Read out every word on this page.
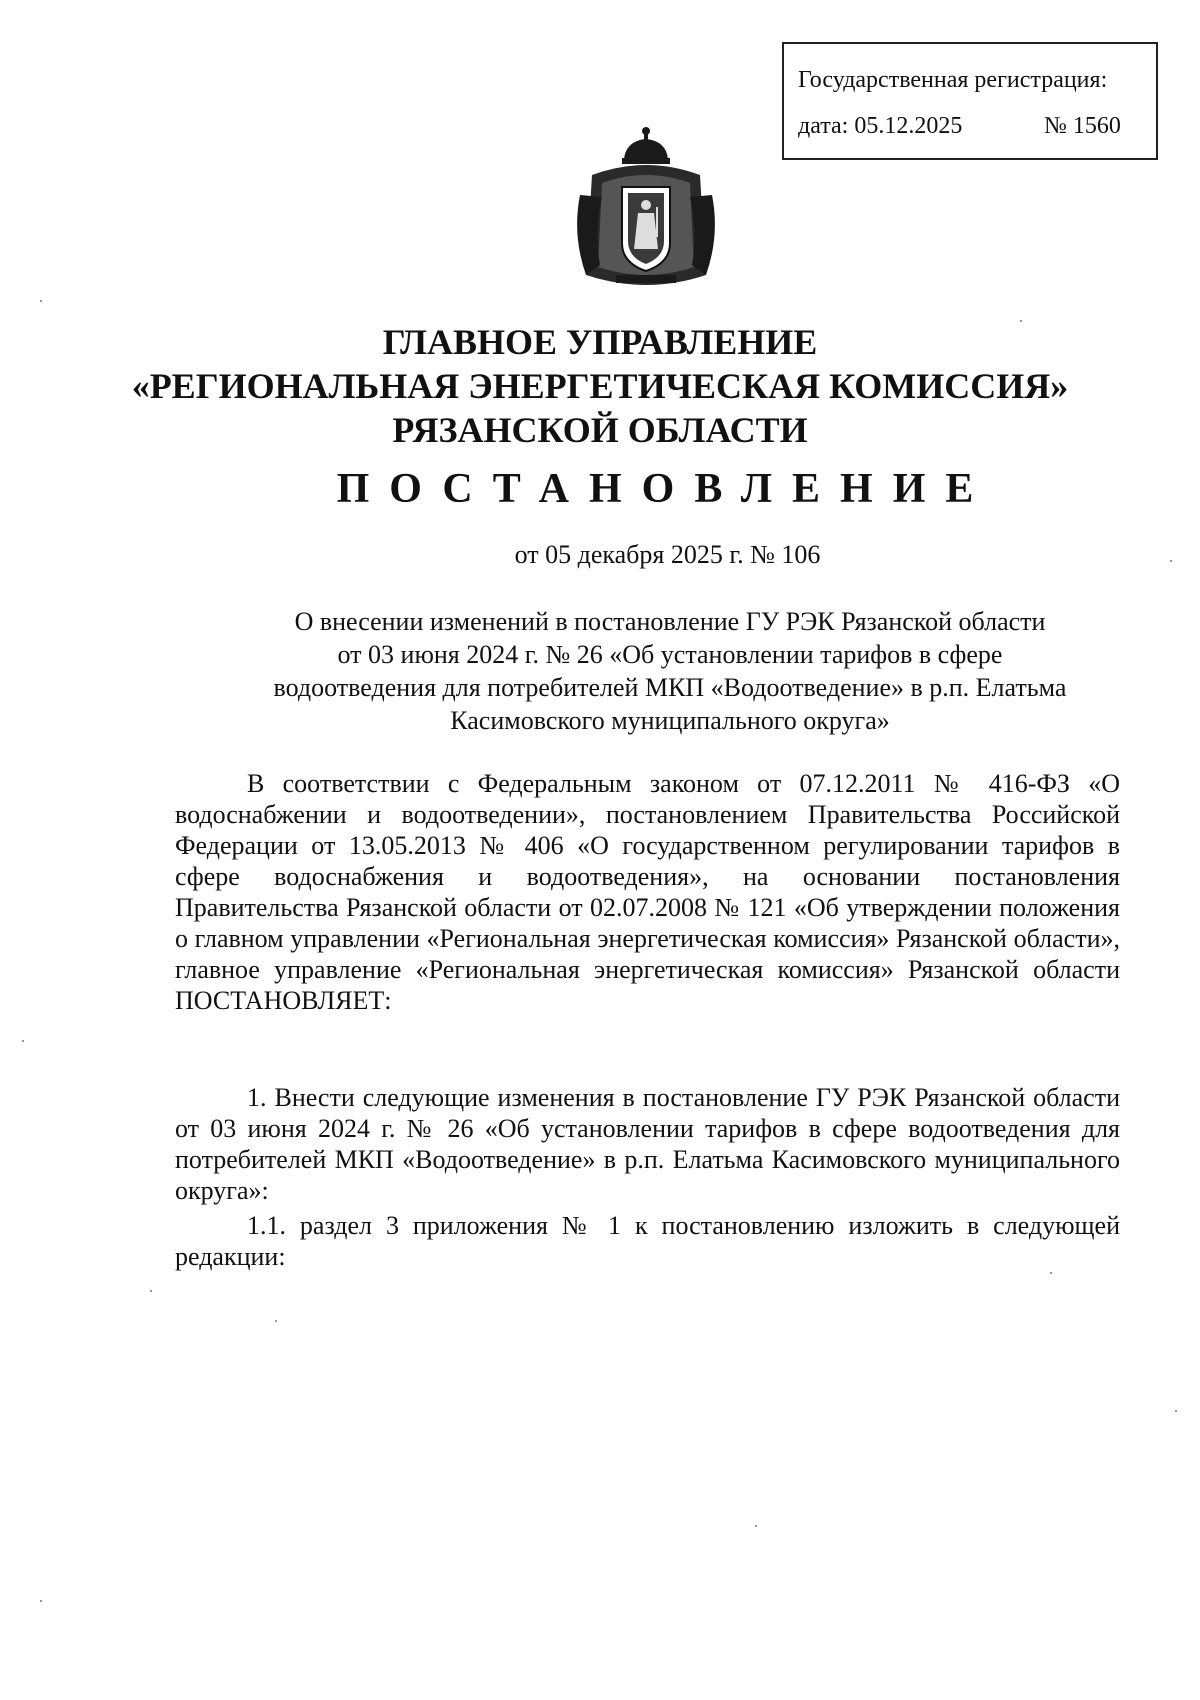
Государственная регистрация:
дата: 05.12.2025	№ 1560
ГЛАВНОЕ УПРАВЛЕНИЕ
«РЕГИОНАЛЬНАЯ ЭНЕРГЕТИЧЕСКАЯ КОМИССИЯ»
РЯЗАНСКОЙ ОБЛАСТИ
ПОСТАНОВЛЕНИЕ
от 05 декабря 2025 г. № 106
О внесении изменений в постановление ГУ РЭК Рязанской области
от 03 июня 2024 г. № 26 «Об установлении тарифов в сфере
водоотведения для потребителей МКП «Водоотведение» в р.п. Елатьма
Касимовского муниципального округа»
В соответствии с Федеральным законом от 07.12.2011 № 416-ФЗ «О водоснабжении и водоотведении», постановлением Правительства Российской Федерации от 13.05.2013 № 406 «О государственном регулировании тарифов в сфере водоснабжения и водоотведения», на основании постановления Правительства Рязанской области от 02.07.2008 № 121 «Об утверждении положения о главном управлении «Региональная энергетическая комиссия» Рязанской области», главное управление «Региональная энергетическая комиссия» Рязанской области ПОСТАНОВЛЯЕТ:
1. Внести следующие изменения в постановление ГУ РЭК Рязанской области от 03 июня 2024 г. № 26 «Об установлении тарифов в сфере водоотведения для потребителей МКП «Водоотведение» в р.п. Елатьма Касимовского муниципального округа»:
1.1. раздел 3 приложения № 1 к постановлению изложить в следующей редакции:
